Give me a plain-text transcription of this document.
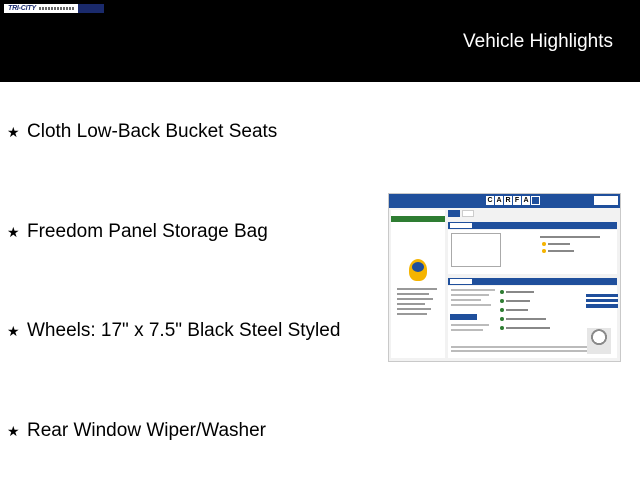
TRI-CITY
Vehicle Highlights
★ Cloth Low-Back Bucket Seats
★ Freedom Panel Storage Bag
★ Wheels: 17" x 7.5" Black Steel Styled
★ Rear Window Wiper/Washer
C A R F A
